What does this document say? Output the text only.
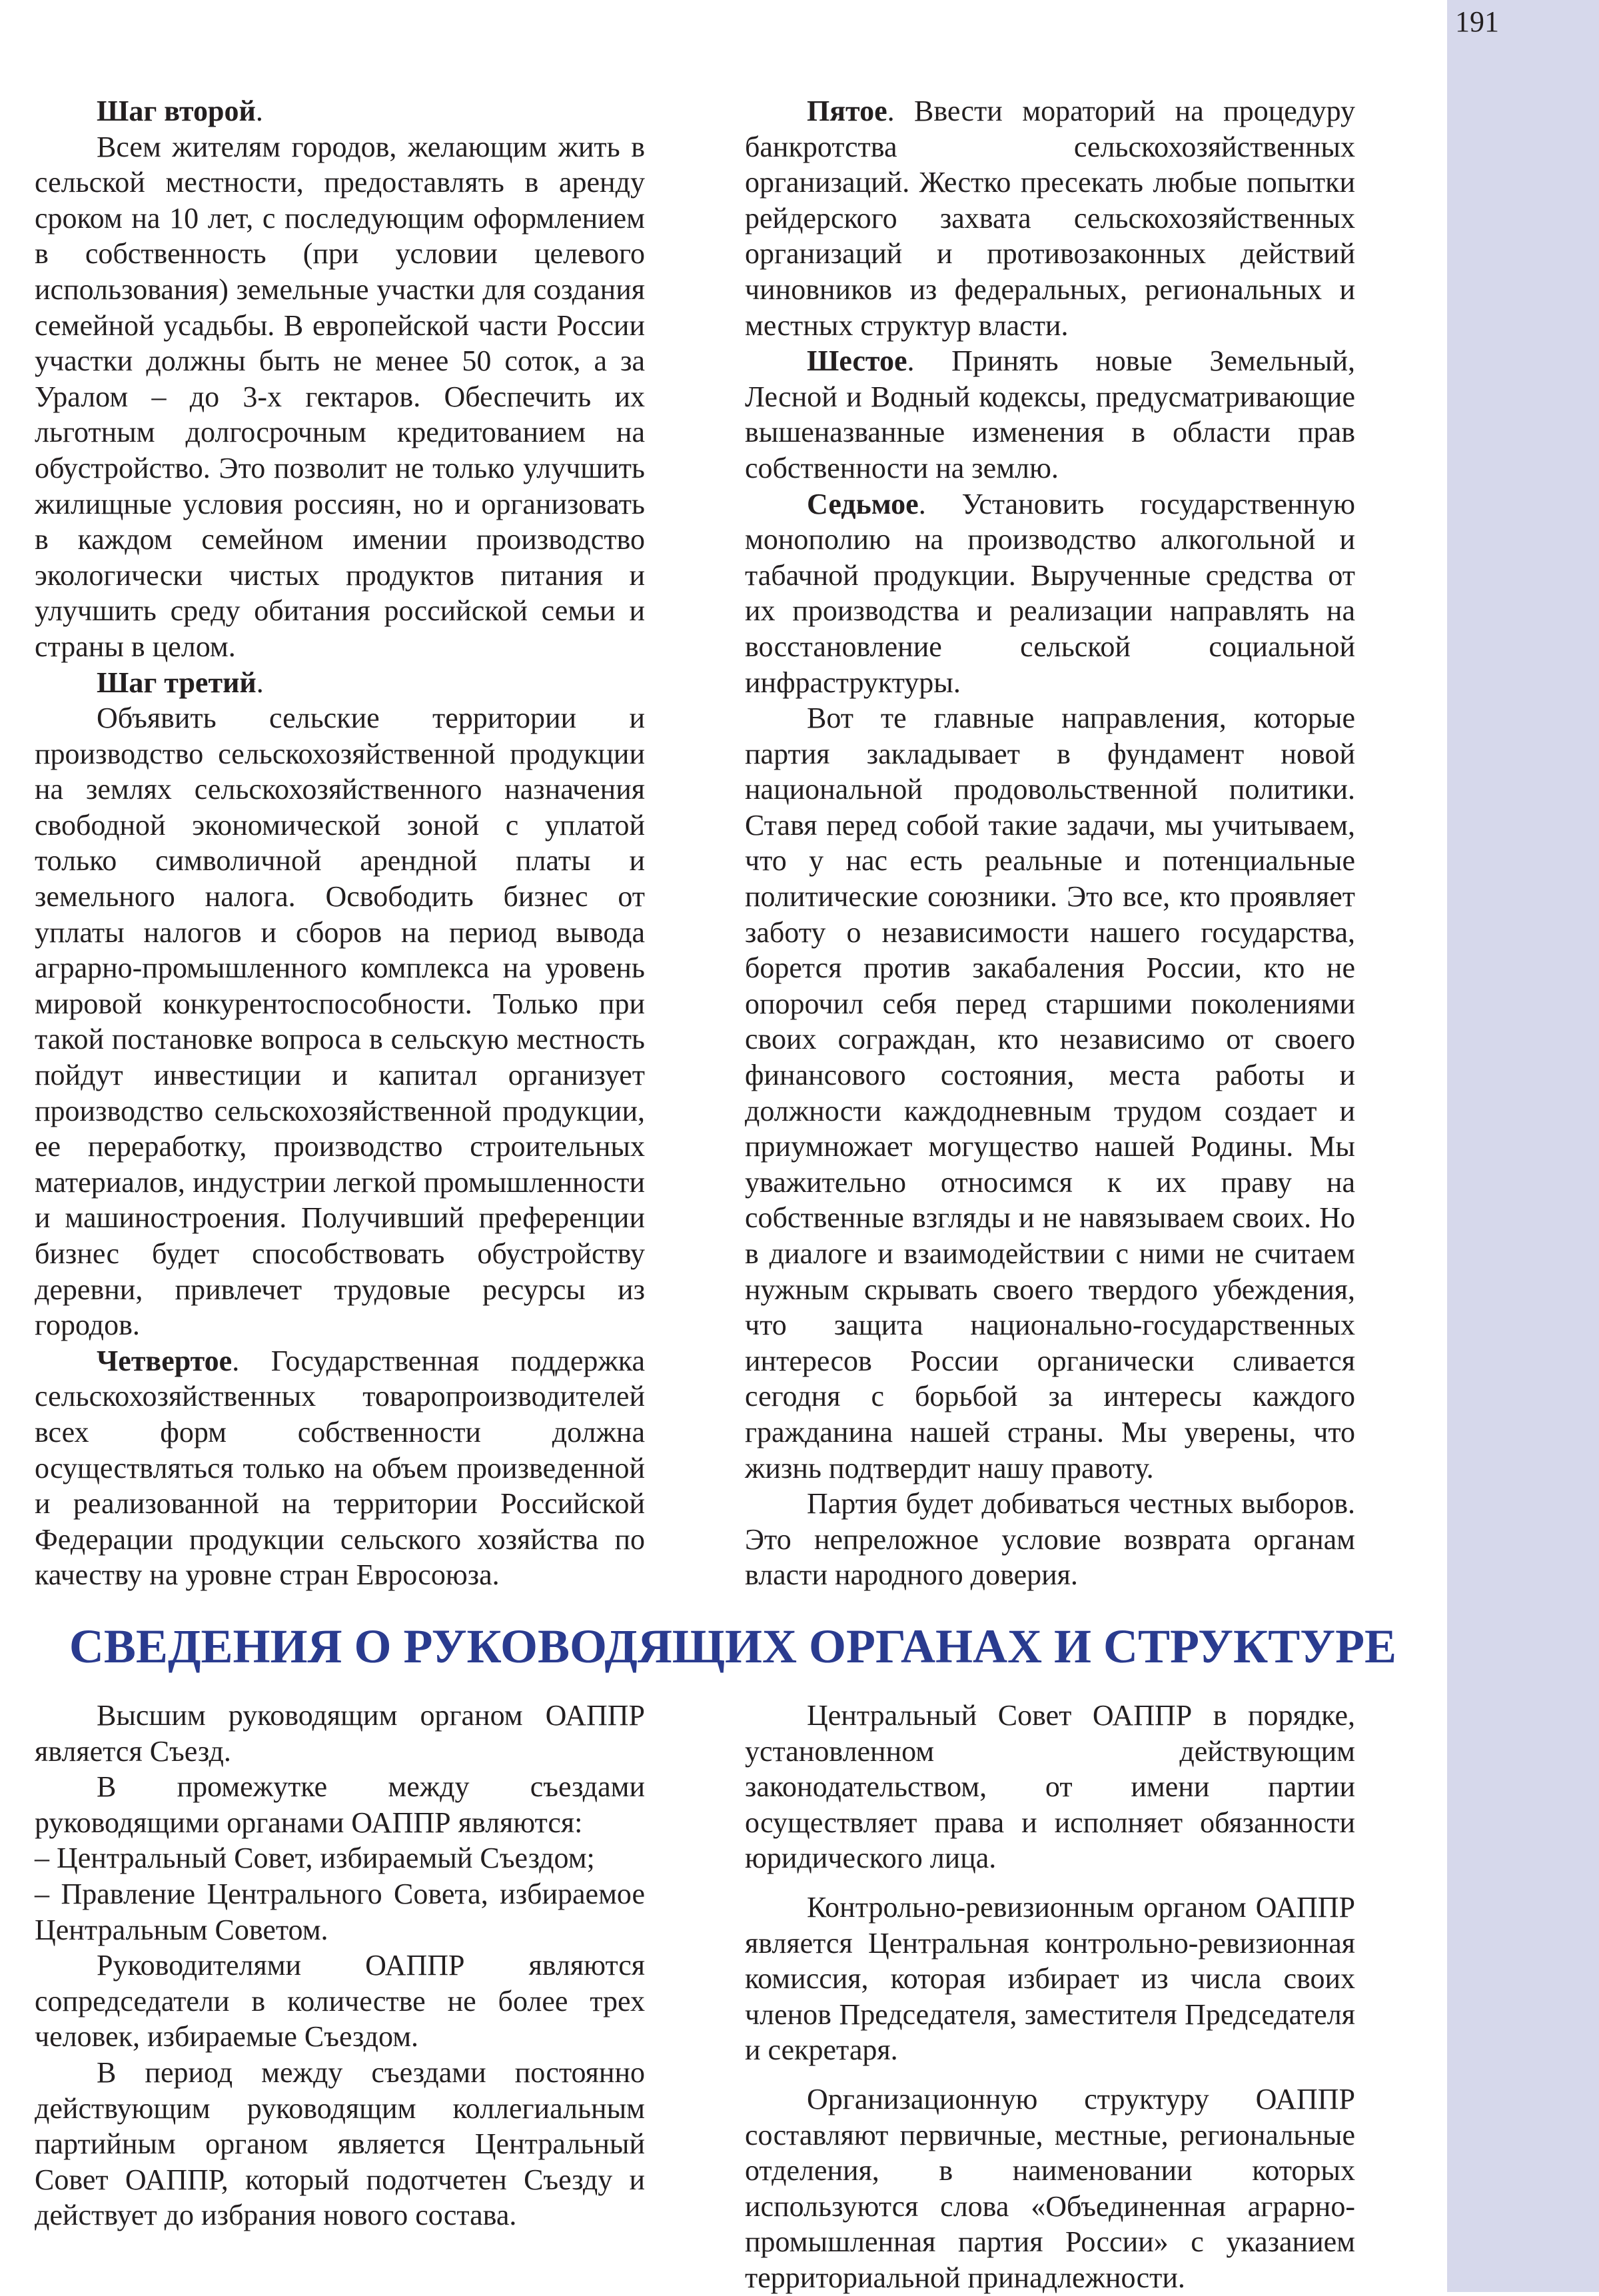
191

Шаг второй.

Всем жителям городов, желающим жить в сельской местности, предоставлять в аренду сроком на 10 лет, с последующим оформлением в собственность (при условии целевого использования) земельные участки для создания семейной усадьбы. В европейской части России участки должны быть не менее 50 соток, а за Уралом – до 3-х гектаров. Обеспечить их льготным долгосрочным кредитованием на обустройство. Это позволит не только улучшить жилищные условия россиян, но и организовать в каждом семейном имении производство экологически чистых продуктов питания и улучшить среду обитания российской семьи и страны в целом.

Шаг третий.

Объявить сельские территории и производство сельскохозяйственной продукции на землях сельскохозяйственного назначения свободной экономической зоной с уплатой только символичной арендной платы и земельного налога. Освободить бизнес от уплаты налогов и сборов на период вывода аграрно-промышленного комплекса на уровень мировой конкурентоспособности. Только при такой постановке вопроса в сельскую местность пойдут инвестиции и капитал организует производство сельскохозяйственной продукции, ее переработку, производство строительных материалов, индустрии легкой промышленности и машиностроения. Получивший преференции бизнес будет способствовать обустройству деревни, привлечет трудовые ресурсы из городов.

Четвертое. Государственная поддержка сельскохозяйственных товаропроизводителей всех форм собственности должна осуществляться только на объем произведенной и реализованной на территории Российской Федерации продукции сельского хозяйства по качеству на уровне стран Евросоюза.

Пятое. Ввести мораторий на процедуру банкротства сельскохозяйственных организаций. Жестко пресекать любые попытки рейдерского захвата сельскохозяйственных организаций и противозаконных действий чиновников из федеральных, региональных и местных структур власти.

Шестое. Принять новые Земельный, Лесной и Водный кодексы, предусматривающие вышеназванные изменения в области прав собственности на землю.

Седьмое. Установить государственную монополию на производство алкогольной и табачной продукции. Вырученные средства от их производства и реализации направлять на восстановление сельской социальной инфраструктуры.

Вот те главные направления, которые партия закладывает в фундамент новой национальной продовольственной политики. Ставя перед собой такие задачи, мы учитываем, что у нас есть реальные и потенциальные политические союзники. Это все, кто проявляет заботу о независимости нашего государства, борется против закабаления России, кто не опорочил себя перед старшими поколениями своих сограждан, кто независимо от своего финансового состояния, места работы и должности каждодневным трудом создает и приумножает могущество нашей Родины. Мы уважительно относимся к их праву на собственные взгляды и не навязываем своих. Но в диалоге и взаимодействии с ними не считаем нужным скрывать своего твердого убеждения, что защита национально-государственных интересов России органически сливается сегодня с борьбой за интересы каждого гражданина нашей страны. Мы уверены, что жизнь подтвердит нашу правоту.

Партия будет добиваться честных выборов. Это непреложное условие возврата органам власти народного доверия.

СВЕДЕНИЯ О РУКОВОДЯЩИХ ОРГАНАХ И СТРУКТУРЕ

Высшим руководящим органом ОАППР является Съезд.

В промежутке между съездами руководящими органами ОАППР являются:

– Центральный Совет, избираемый Съездом;

– Правление Центрального Совета, избираемое Центральным Советом.

Руководителями ОАППР являются сопредседатели в количестве не более трех человек, избираемые Съездом.

В период между съездами постоянно действующим руководящим коллегиальным партийным органом является Центральный Совет ОАППР, который подотчетен Съезду и действует до избрания нового состава.

Центральный Совет ОАППР в порядке, установленном действующим законодательством, от имени партии осуществляет права и исполняет обязанности юридического лица.

Контрольно-ревизионным органом ОАППР является Центральная контрольно-ревизионная комиссия, которая избирает из числа своих членов Председателя, заместителя Председателя и секретаря.

Организационную структуру ОАППР составляют первичные, местные, региональные отделения, в наименовании которых используются слова «Объединенная аграрно-промышленная партия России» с указанием территориальной принадлежности.
